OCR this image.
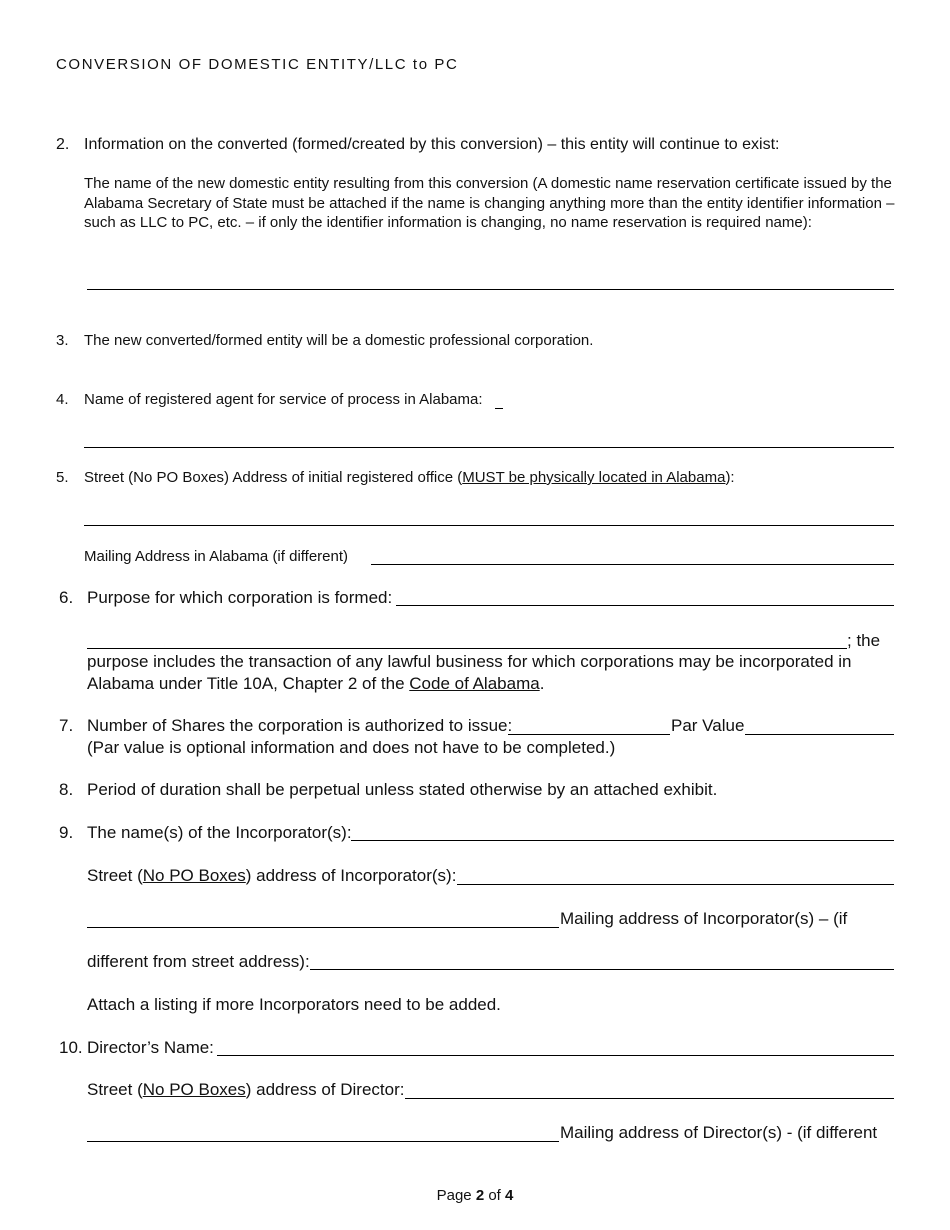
CONVERSION OF DOMESTIC ENTITY/LLC to PC
2. Information on the converted (formed/created by this conversion) – this entity will continue to exist:
The name of the new domestic entity resulting from this conversion (A domestic name reservation certificate issued by the Alabama Secretary of State must be attached if the name is changing anything more than the entity identifier information – such as LLC to PC, etc. – if only the identifier information is changing, no name reservation is required name):
3. The new converted/formed entity will be a domestic professional corporation.
4. Name of registered agent for service of process in Alabama:
5. Street (No PO Boxes) Address of initial registered office (MUST be physically located in Alabama):
Mailing Address in Alabama (if different)
6. Purpose for which corporation is formed:
; the
purpose includes the transaction of any lawful business for which corporations may be incorporated in
Alabama under Title 10A, Chapter 2 of the Code of Alabama.
7. Number of Shares the corporation is authorized to issue:	Par Value
(Par value is optional information and does not have to be completed.)
8. Period of duration shall be perpetual unless stated otherwise by an attached exhibit.
9. The name(s) of the Incorporator(s):
Street (No PO Boxes) address of Incorporator(s):
Mailing address of Incorporator(s) – (if
different from street address):
Attach a listing if more Incorporators need to be added.
10. Director’s Name:
Street (No PO Boxes) address of Director:
Mailing address of Director(s) - (if different
Page 2 of 4
